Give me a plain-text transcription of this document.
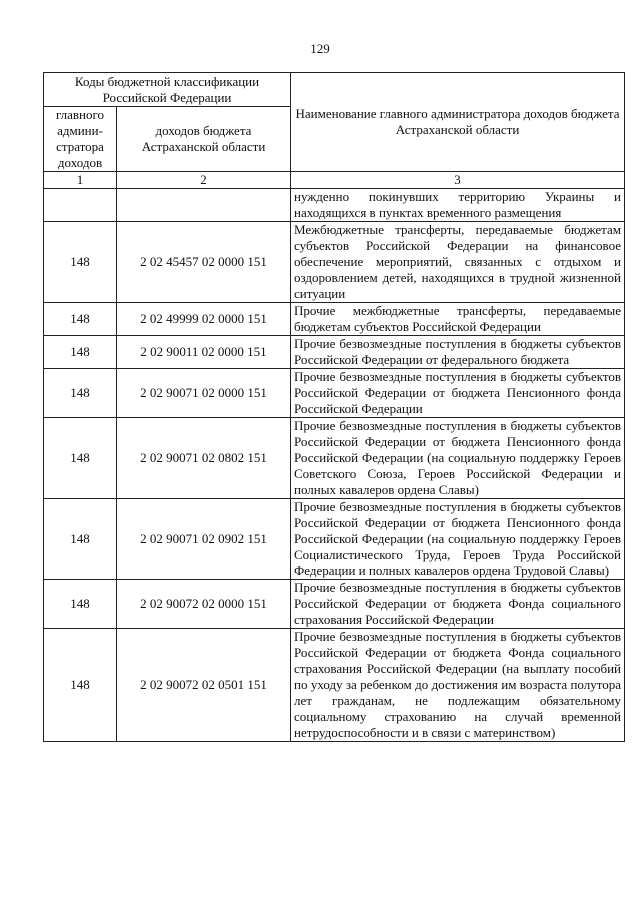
129
Коды бюджетной классификации Российской Федерации		Наименование главного администратора доходов бюджета Астраханской области
главного админи-стратора доходов	доходов бюджета Астраханской области	
1	2	3
		нужденно покинувших территорию Украины и находящихся в пунктах временного размещения
148	2 02 45457 02 0000 151	Межбюджетные трансферты, передаваемые бюджетам субъектов Российской Федерации на финансовое обеспечение мероприятий, связанных с отдыхом и оздоровлением детей, находящихся в трудной жизненной ситуации
148	2 02 49999 02 0000 151	Прочие межбюджетные трансферты, передаваемые бюджетам субъектов Российской Федерации
148	2 02 90011 02 0000 151	Прочие безвозмездные поступления в бюджеты субъектов Российской Федерации от федерального бюджета
148	2 02 90071 02 0000 151	Прочие безвозмездные поступления в бюджеты субъектов Российской Федерации от бюджета Пенсионного фонда Российской Федерации
148	2 02 90071 02 0802 151	Прочие безвозмездные поступления в бюджеты субъектов Российской Федерации от бюджета Пенсионного фонда Российской Федерации (на социальную поддержку Героев Советского Союза, Героев Российской Федерации и полных кавалеров ордена Славы)
148	2 02 90071 02 0902 151	Прочие безвозмездные поступления в бюджеты субъектов Российской Федерации от бюджета Пенсионного фонда Российской Федерации (на социальную поддержку Героев Социалистического Труда, Героев Труда Российской Федерации и полных кавалеров ордена Трудовой Славы)
148	2 02 90072 02 0000 151	Прочие безвозмездные поступления в бюджеты субъектов Российской Федерации от бюджета Фонда социального страхования Российской Федерации
148	2 02 90072 02 0501 151	Прочие безвозмездные поступления в бюджеты субъектов Российской Федерации от бюджета Фонда социального страхования Российской Федерации (на выплату пособий по уходу за ребенком до достижения им возраста полутора лет гражданам, не подлежащим обязательному социальному страхованию на случай временной нетрудоспособности и в связи с материнством)
